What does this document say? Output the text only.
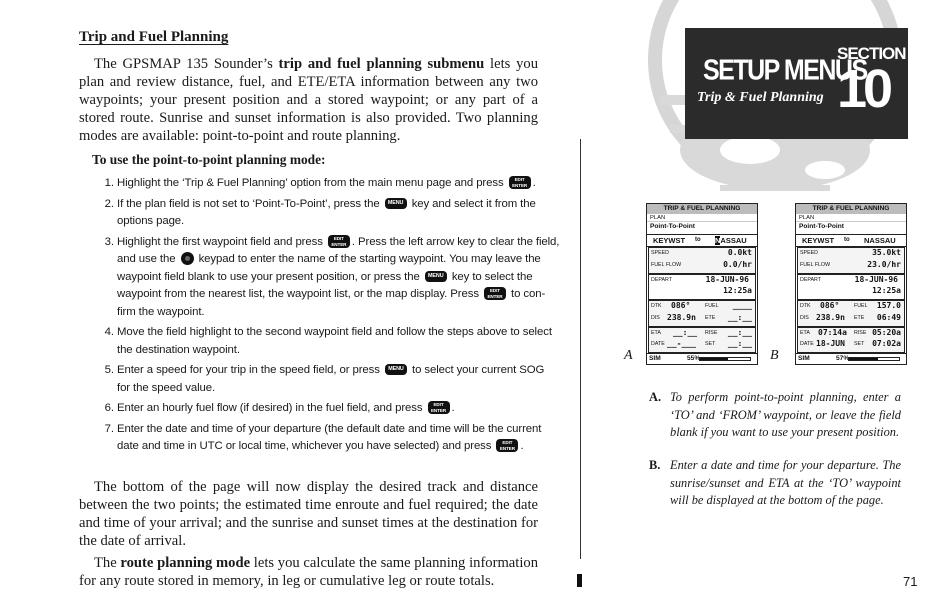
Trip and Fuel Planning
The GPSMAP 135 Sounder’s trip and fuel planning submenu lets you plan and review distance, fuel, and ETE/ETA information between any two waypoints; your present position and a stored waypoint; or any part of a stored route. Sunrise and sunset information is also provided. Two planning modes are available: point-to-point and route planning.
To use the point-to-point planning mode:
1. Highlight the ‘Trip & Fuel Planning’ option from the main menu page and press EDIT
ENTER .
2. If the plan field is not set to ‘Point-To-Point’, press the MENU key and select it from the options page.
3. Highlight the first waypoint field and press EDIT
ENTER . Press the left arrow key to clear the field, and use the  keypad to enter the name of the starting waypoint. You may leave the waypoint field blank to use your present position, or press the MENU key to select the waypoint from the nearest list, the waypoint list, or the map display. Press EDIT
ENTER to con-firm the waypoint.
4. Move the field highlight to the second waypoint field and follow the steps above to select the destination waypoint.
5. Enter a speed for your trip in the speed field, or press MENU to select your current SOG for the speed value.
6. Enter an hourly fuel flow (if desired) in the fuel field, and press EDIT
ENTER .
7. Enter the date and time of your departure (the default date and time will be the current date and time in UTC or local time, whichever you have selected) and press EDIT
ENTER .
The bottom of the page will now display the desired track and distance between the two points; the estimated time enroute and fuel required; the date and time of your arrival; and the sunrise and sunset times at the destination for the date of arrival.
The route planning mode lets you calculate the same planning information for any route stored in memory, in leg or cumulative leg or route totals.
SETUP MENUS
Trip & Fuel Planning
SECTION
10
A
TRIP & FUEL PLANNING
PLAN
Point-To-Point
KEYWST to NASSAU
SPEED	0.0kt
FUEL FLOW	0.0/hr
DEPART	18-JUN-96
12:25a
DTK 086°	FUEL ____
DIS 238.9n ETE __:__
ETA __:__ RISE __:__
DATE __-___ SET __:__
SIM	55%	B
TRIP & FUEL PLANNING
PLAN
Point-To-Point
KEYWST to NASSAU
SPEED	35.0kt
FUEL FLOW	23.0/hr
DEPART	18-JUN-96
12:25a
DTK 086°	FUEL 157.0
DIS 238.9n ETE 06:49
ETA 07:14a RISE 05:20a
DATE 18-JUN SET 07:02a
SIM	57%
A. To perform point-to-point planning, enter a ‘TO’ and ‘FROM’ waypoint, or leave the field blank if you want to use your present position.
B. Enter a date and time for your departure. The sunrise/sunset and ETA at the ‘TO’ waypoint will be displayed at the bottom of the page.
71
